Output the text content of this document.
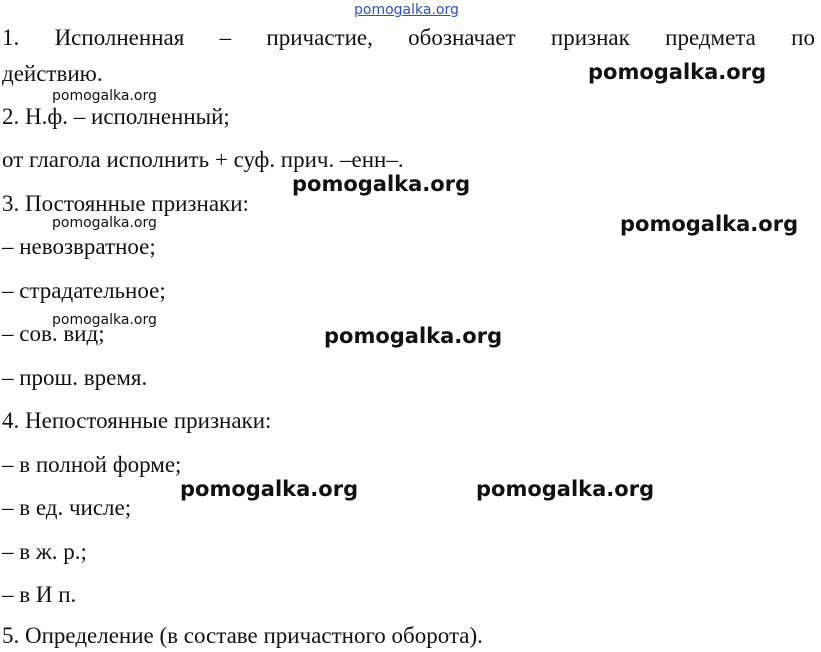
pomogalka.org
1. Исполненная – причастие, обозначает признак предмета по
действию.
2. Н.ф. – исполненный;
от глагола исполнить + суф. прич. –енн–.
3. Постоянные признаки:
– невозвратное;
– страдательное;
– сов. вид;
– прош. время.
4. Непостоянные признаки:
– в полной форме;
– в ед. числе;
– в ж. р.;
– в И п.
5. Определение (в составе причастного оборота).
pomogalka.org
pomogalka.org
pomogalka.org
pomogalka.org	pomogalka.org
pomogalka.org
pomogalka.org
pomogalka.org	pomogalka.org
